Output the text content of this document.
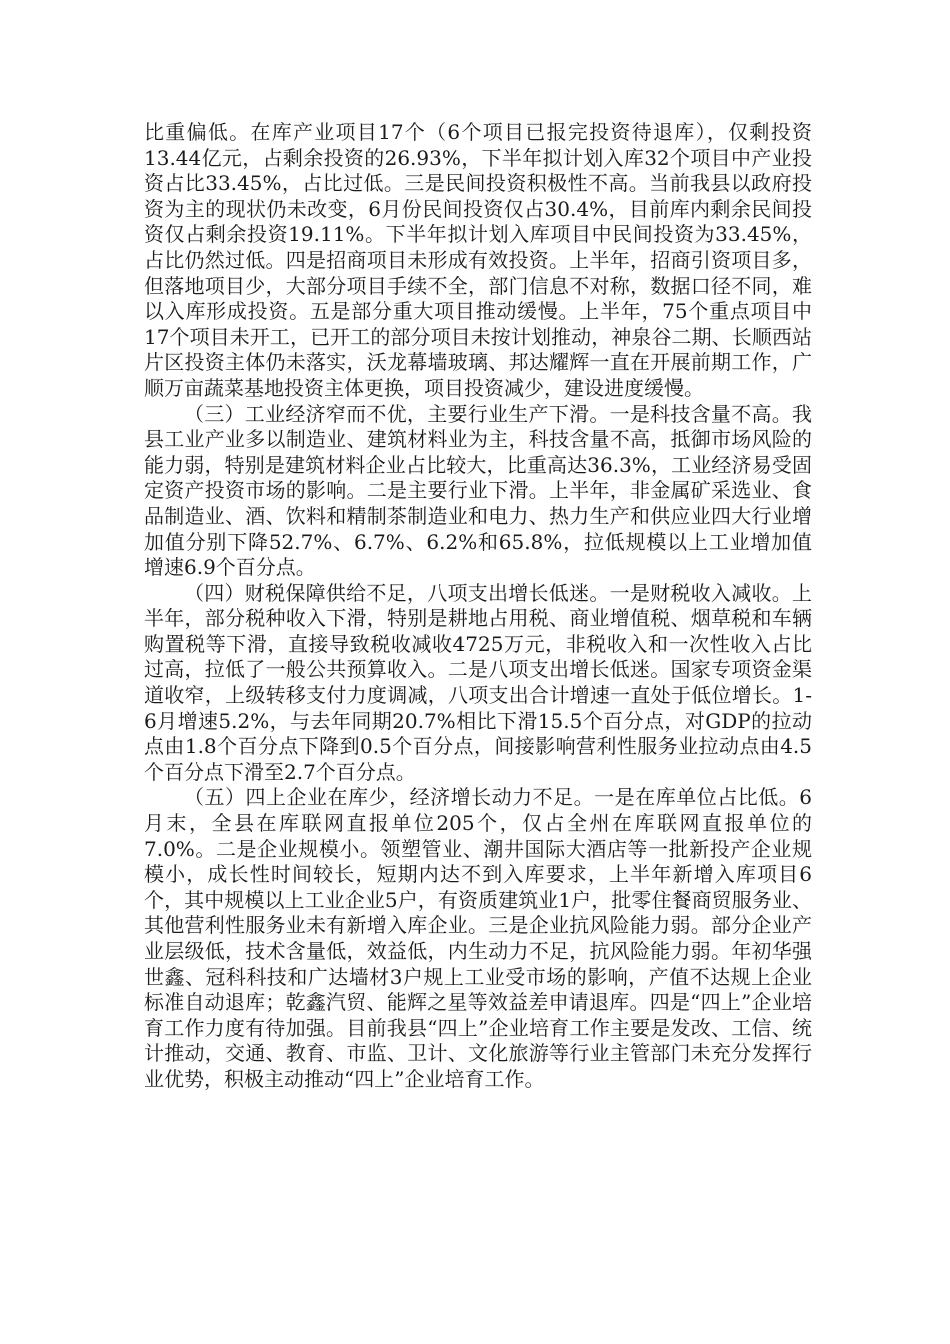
比重偏低。在库产业项目17个（6个项目已报完投资待退库），仅剩投资13.44亿元，占剩余投资的26.93%，下半年拟计划入库32个项目中产业投资占比33.45%，占比过低。三是民间投资积极性不高。当前我县以政府投资为主的现状仍未改变，6月份民间投资仅占30.4%，目前库内剩余民间投资仅占剩余投资19.11%。下半年拟计划入库项目中民间投资为33.45%，占比仍然过低。四是招商项目未形成有效投资。上半年，招商引资项目多，但落地项目少，大部分项目手续不全，部门信息不对称，数据口径不同，难以入库形成投资。五是部分重大项目推动缓慢。上半年，75个重点项目中17个项目未开工，已开工的部分项目未按计划推动，神泉谷二期、长顺西站片区投资主体仍未落实，沃龙幕墙玻璃、邦达耀辉一直在开展前期工作，广顺万亩蔬菜基地投资主体更换，项目投资减少，建设进度缓慢。

（三）工业经济窄而不优，主要行业生产下滑。一是科技含量不高。我县工业产业多以制造业、建筑材料业为主，科技含量不高，抵御市场风险的能力弱，特别是建筑材料企业占比较大，比重高达36.3%，工业经济易受固定资产投资市场的影响。二是主要行业下滑。上半年，非金属矿采选业、食品制造业、酒、饮料和精制茶制造业和电力、热力生产和供应业四大行业增加值分别下降52.7%、6.7%、6.2%和65.8%，拉低规模以上工业增加值增速6.9个百分点。

（四）财税保障供给不足，八项支出增长低迷。一是财税收入减收。上半年，部分税种收入下滑，特别是耕地占用税、商业增值税、烟草税和车辆购置税等下滑，直接导致税收减收4725万元，非税收入和一次性收入占比过高，拉低了一般公共预算收入。二是八项支出增长低迷。国家专项资金渠道收窄，上级转移支付力度调减，八项支出合计增速一直处于低位增长。1-6月增速5.2%，与去年同期20.7%相比下滑15.5个百分点，对GDP的拉动点由1.8个百分点下降到0.5个百分点，间接影响营利性服务业拉动点由4.5个百分点下滑至2.7个百分点。

（五）四上企业在库少，经济增长动力不足。一是在库单位占比低。6月末，全县在库联网直报单位205个，仅占全州在库联网直报单位的7.0%。二是企业规模小。领塑管业、潮井国际大酒店等一批新投产企业规模小，成长性时间较长，短期内达不到入库要求，上半年新增入库项目6个，其中规模以上工业企业5户，有资质建筑业1户，批零住餐商贸服务业、其他营利性服务业未有新增入库企业。三是企业抗风险能力弱。部分企业产业层级低，技术含量低，效益低，内生动力不足，抗风险能力弱。年初华强世鑫、冠科科技和广达墙材3户规上工业受市场的影响，产值不达规上企业标准自动退库；乾鑫汽贸、能辉之星等效益差申请退库。四是“四上”企业培育工作力度有待加强。目前我县“四上”企业培育工作主要是发改、工信、统计推动，交通、教育、市监、卫计、文化旅游等行业主管部门未充分发挥行业优势，积极主动推动“四上”企业培育工作。
